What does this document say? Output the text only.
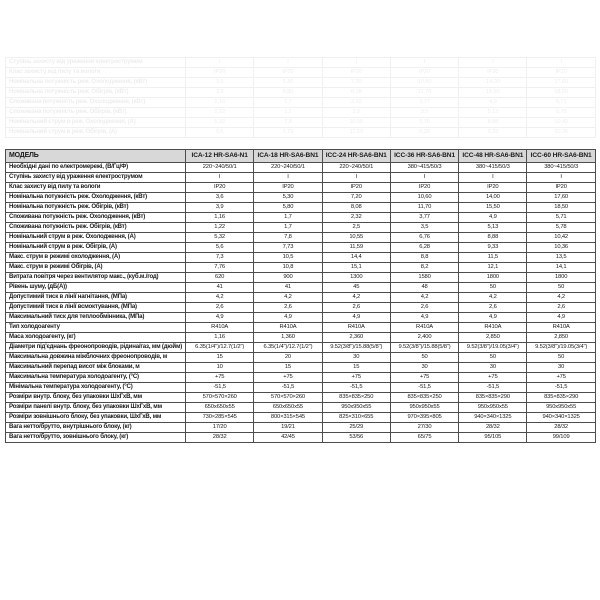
Ступінь захисту від ураження електрострумом	I	I	I	I	I	I
Клас захисту від пилу та вологи	IP20	IP20	IP20	IP20	IP20	IP20
Номінальна потужність реж. Охолодження, (кВт)	3,6	5,30	7,20	10,60	14,00	17,60
Номінальна потужність реж. Обігрів, (кВт)	3,9	5,80	8,08	11,70	15,50	18,50
Споживана потужність реж. Охолодження, (кВт)	1,16	1,7	2,32	3,77	4,9	5,71
Споживана потужність реж. Обігрів, (кВт)	1,22	1,7	2,5	3,5	5,13	5,78
Номінальний струм в реж. Охолодження, (А)	5,32	7,8	10,55	6,76	8,88	10,42
Номінальний струм в реж. Обігрів, (А)	5,6	7,73	11,59	6,28	9,33	10,36
МОДЕЛЬ	ICA-12 HR-SA6-N1	ICA-18 HR-SA6-BN1	ICC-24 HR-SA6-BN1	ICC-36 HR-SA6-BN1	ICC-48 HR-SA6-BN1	ICC-60 HR-SA6-BN1
Необхідні дані по електромережі, (В/Гц/Ф)	220~240/50/1	220~240/50/1	220~240/50/1	380~415/50/3	380~415/50/3	380~415/50/3
Ступінь захисту від ураження електрострумом	I	I	I	I	I	I
Клас захисту від пилу та вологи	IP20	IP20	IP20	IP20	IP20	IP20
Номінальна потужність реж. Охолодження, (кВт)	3,6	5,30	7,20	10,60	14,00	17,60
Номінальна потужність реж. Обігрів, (кВт)	3,9	5,80	8,08	11,70	15,50	18,50
Споживана потужність реж. Охолодження, (кВт)	1,16	1,7	2,32	3,77	4,9	5,71
Споживана потужність реж. Обігрів, (кВт)	1,22	1,7	2,5	3,5	5,13	5,78
Номінальний струм в реж. Охолодження, (А)	5,32	7,8	10,55	6,76	8,88	10,42
Номінальний струм в реж. Обігрів, (А)	5,6	7,73	11,59	6,28	9,33	10,36
Макс. струм в режимі охолодження, (А)	7,3	10,5	14,4	8,8	11,5	13,5
Макс. струм в режимі Обігрів, (А)	7,76	10,8	15,1	8,2	12,1	14,1
Витрата повітря через вентилятор макс., (куб.м./год)	620	900	1300	1580	1800	1800
Рівень шуму, (дБ(А))	41	41	45	48	50	50
Допустимий тиск в лінії нагнітання, (МПа)	4,2	4,2	4,2	4,2	4,2	4,2
Допустимий тиск в лінії всмоктування, (МПа)	2,6	2,6	2,6	2,6	2,6	2,6
Максимальний тиск для теплообмінника, (МПа)	4,9	4,9	4,9	4,9	4,9	4,9
Тип холодоагенту	R410A	R410A	R410A	R410A	R410A	R410A
Маса холодоагенту, (кг)	1,16	1,360	2,360	2,400	2,850	2,850
Діаметри під'єднань фреонопроводів, рідина/газ, мм (дюйм)	6.35(1/4")/12.7(1/2")	6.35(1/4")/12.7(1/2")	9.52(3/8")/15.88(5/8")	9.52(3/8")/15.88(5/8")	9.52(3/8")/19.05(3/4")	9.52(3/8")/19.05(3/4")
Максимальна довжина міжблочних фреонопроводів, м	15	20	30	50	50	50
Максимальний перепад висот між блоками, м	10	15	15	30	30	30
Максимальна температура холодоагенту, (°С)	+75	+75	+75	+75	+75	+75
Мінімальна температура холодоагенту, (°С)	-51,5	-51,5	-51,5	-51,5	-51,5	-51,5
Розміри внутр. блоку, без упаковки ШхГхВ, мм	570×570×260	570×570×260	835×835×250	835×835×250	835×835×290	835×835×290
Розміри панелі внутр. блоку, без упаковки ШхГхВ, мм	650x650x55	650x650x55	950x950x55	950x950x55	950x950x55	950x950x55
Розміри зовнішнього блоку, без упаковки, ШхГхВ, мм	730×285×545	800×315×545	825×310×655	970×395×805	940×340×1325	940×340×1325
Вага нетто/брутто, внутрішнього блоку, (кг)	17/20	19/21	25/29	27/30	28/32	28/32
Вага нетто/брутто, зовнішнього блоку, (кг)	28/32	42/45	53/56	65/75	95/105	99/109
